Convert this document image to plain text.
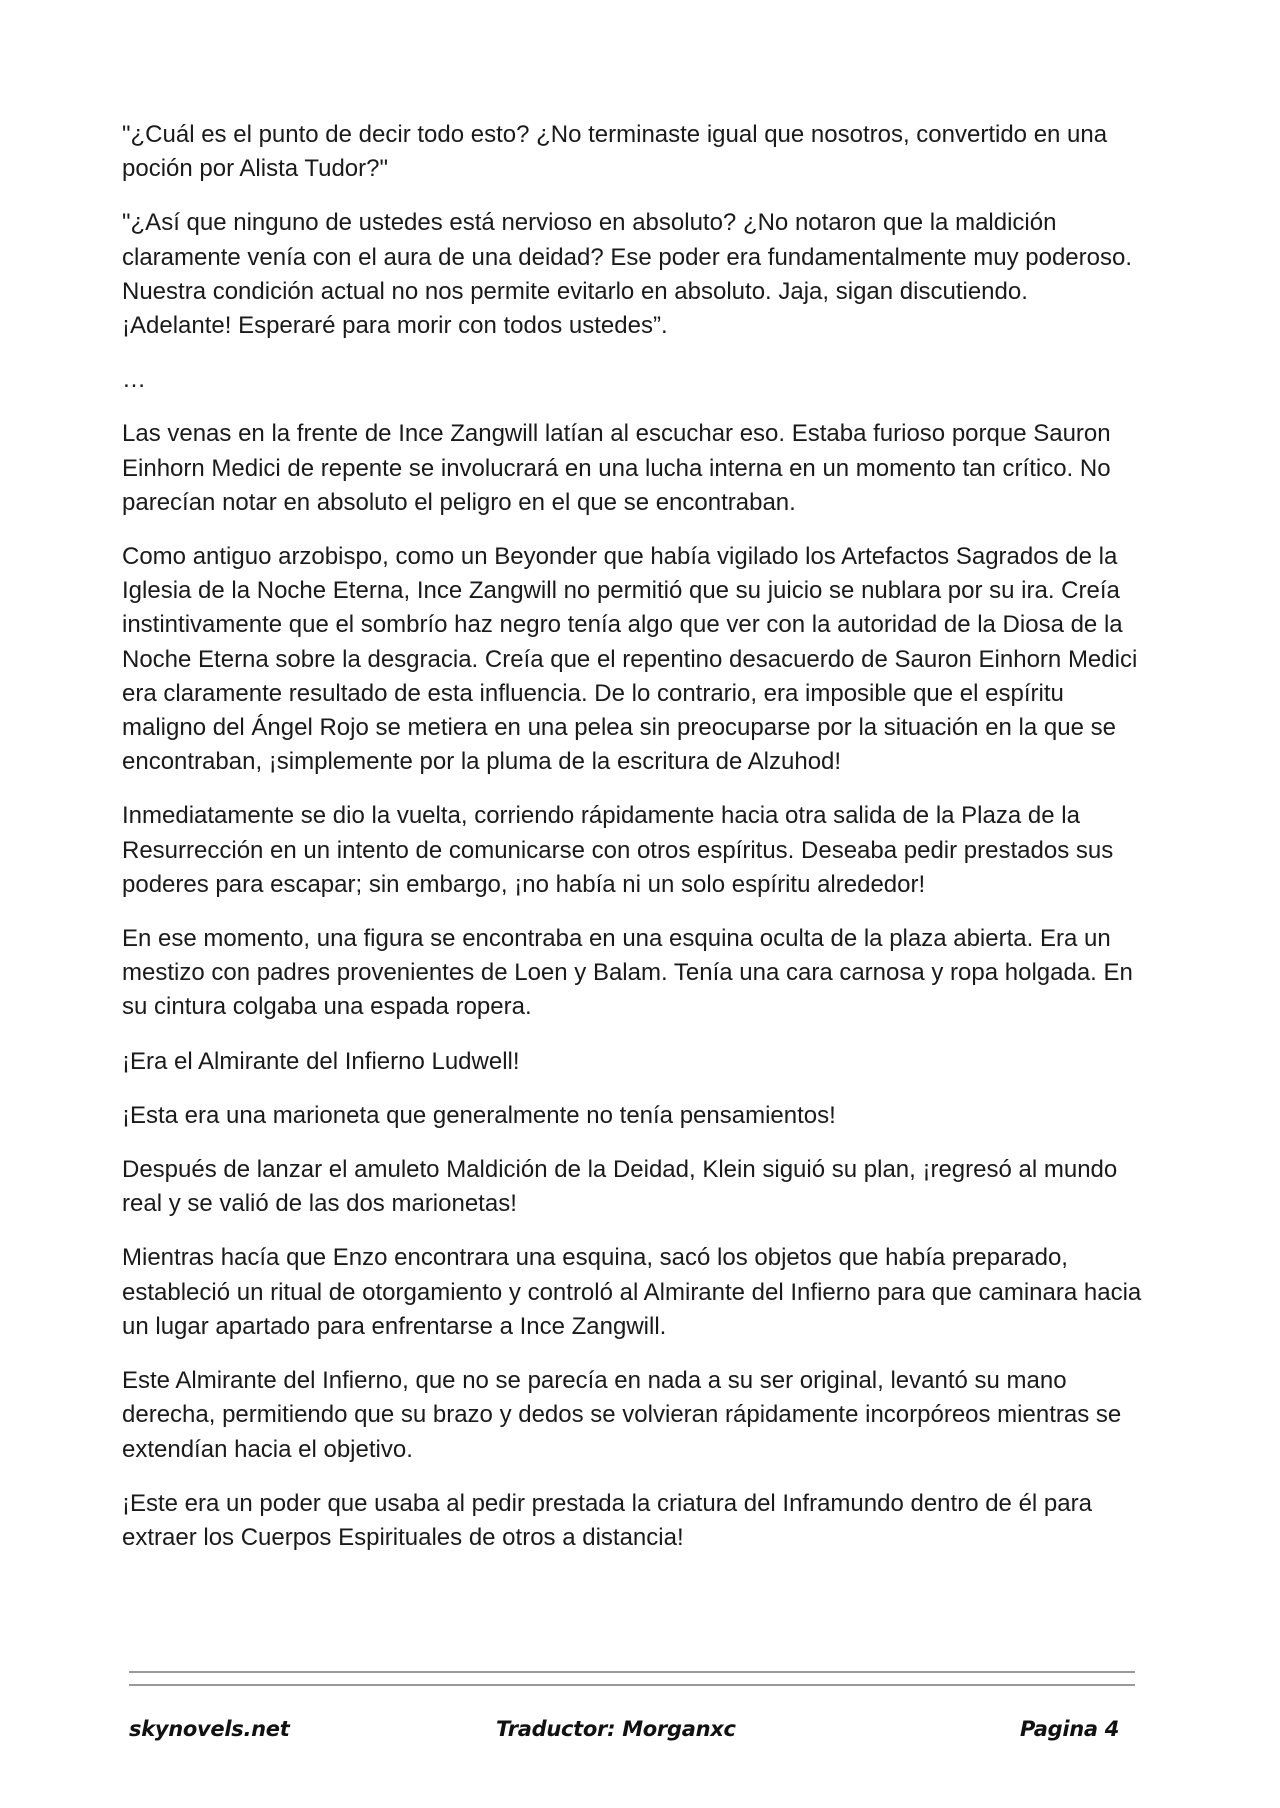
"¿Cuál es el punto de decir todo esto? ¿No terminaste igual que nosotros, convertido en una poción por Alista Tudor?"

"¿Así que ninguno de ustedes está nervioso en absoluto? ¿No notaron que la maldición claramente venía con el aura de una deidad? Ese poder era fundamentalmente muy poderoso. Nuestra condición actual no nos permite evitarlo en absoluto. Jaja, sigan discutiendo. ¡Adelante! Esperaré para morir con todos ustedes”.

…

Las venas en la frente de Ince Zangwill latían al escuchar eso. Estaba furioso porque Sauron Einhorn Medici de repente se involucrará en una lucha interna en un momento tan crítico. No parecían notar en absoluto el peligro en el que se encontraban.

Como antiguo arzobispo, como un Beyonder que había vigilado los Artefactos Sagrados de la Iglesia de la Noche Eterna, Ince Zangwill no permitió que su juicio se nublara por su ira. Creía instintivamente que el sombrío haz negro tenía algo que ver con la autoridad de la Diosa de la Noche Eterna sobre la desgracia. Creía que el repentino desacuerdo de Sauron Einhorn Medici era claramente resultado de esta influencia. De lo contrario, era imposible que el espíritu maligno del Ángel Rojo se metiera en una pelea sin preocuparse por la situación en la que se encontraban, ¡simplemente por la pluma de la escritura de Alzuhod!

Inmediatamente se dio la vuelta, corriendo rápidamente hacia otra salida de la Plaza de la Resurrección en un intento de comunicarse con otros espíritus. Deseaba pedir prestados sus poderes para escapar; sin embargo, ¡no había ni un solo espíritu alrededor!

En ese momento, una figura se encontraba en una esquina oculta de la plaza abierta. Era un mestizo con padres provenientes de Loen y Balam. Tenía una cara carnosa y ropa holgada. En su cintura colgaba una espada ropera.

¡Era el Almirante del Infierno Ludwell!

¡Esta era una marioneta que generalmente no tenía pensamientos!

Después de lanzar el amuleto Maldición de la Deidad, Klein siguió su plan, ¡regresó al mundo real y se valió de las dos marionetas!

Mientras hacía que Enzo encontrara una esquina, sacó los objetos que había preparado, estableció un ritual de otorgamiento y controló al Almirante del Infierno para que caminara hacia un lugar apartado para enfrentarse a Ince Zangwill.

Este Almirante del Infierno, que no se parecía en nada a su ser original, levantó su mano derecha, permitiendo que su brazo y dedos se volvieran rápidamente incorpóreos mientras se extendían hacia el objetivo.

¡Este era un poder que usaba al pedir prestada la criatura del Inframundo dentro de él para extraer los Cuerpos Espirituales de otros a distancia!

skynovels.net	Traductor: Morganxc	Pagina 4
